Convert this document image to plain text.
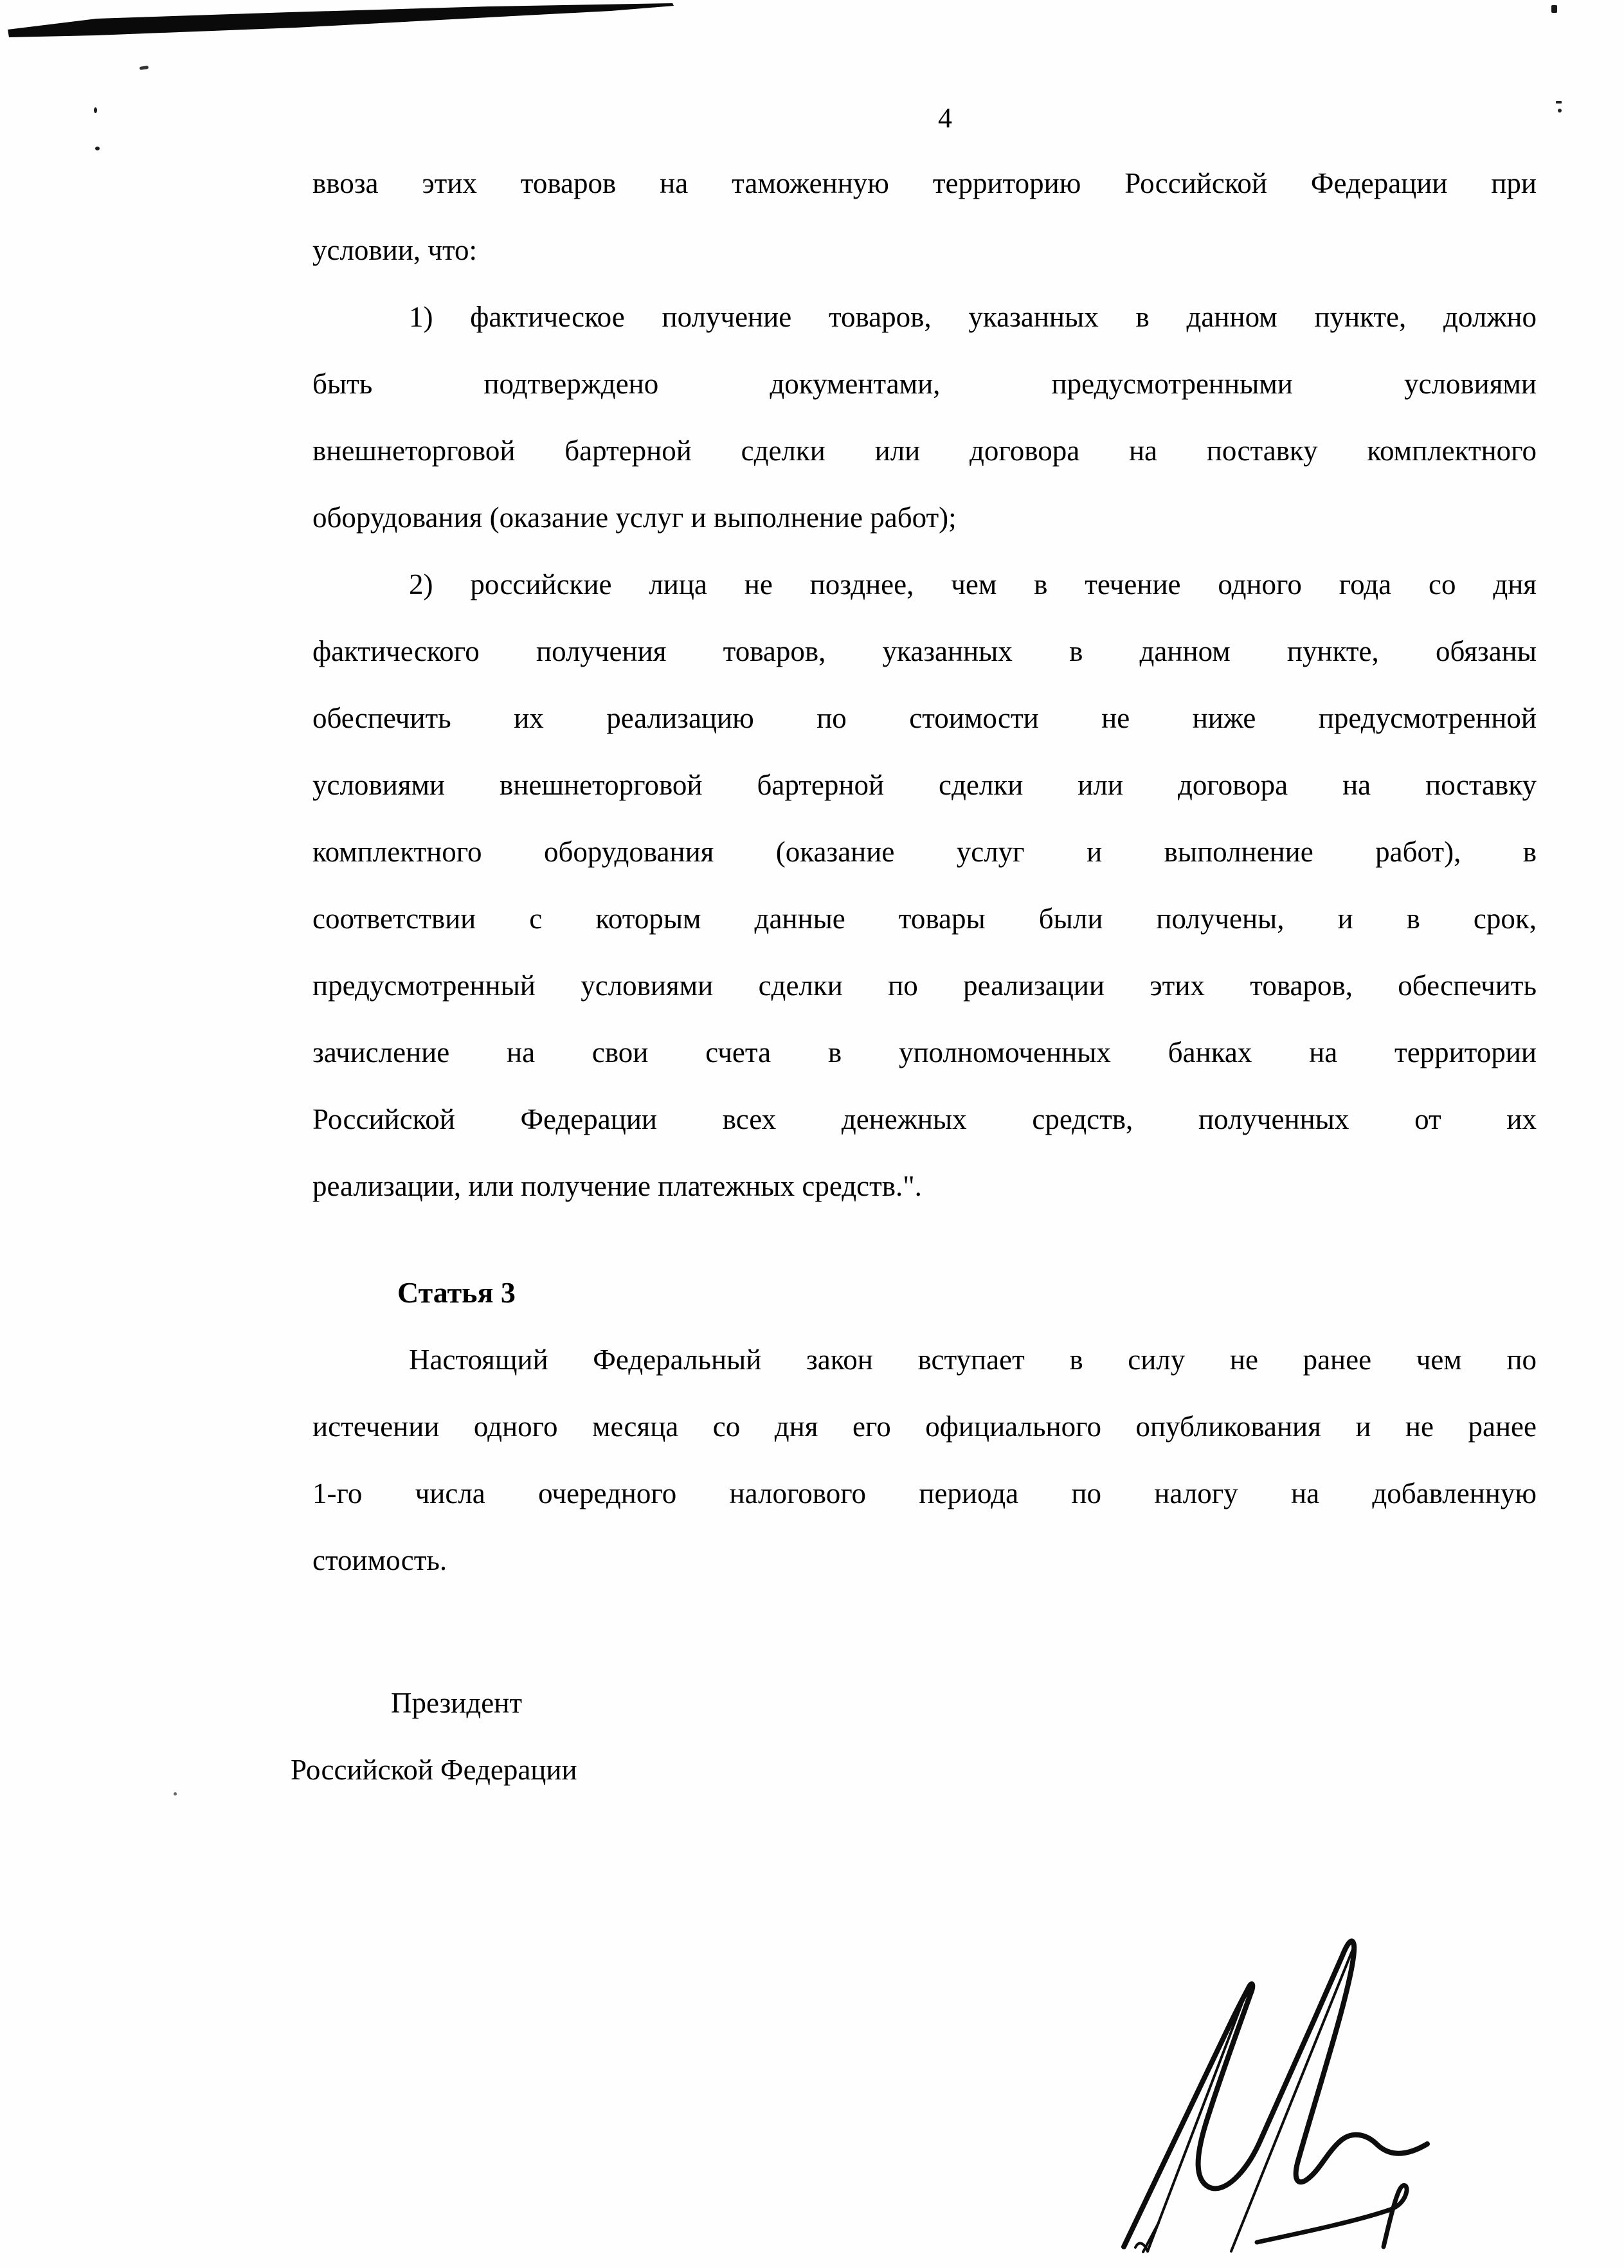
4
ввоза этих товаров на таможенную территорию Российской Федерации при
условии, что:
1) фактическое получение товаров, указанных в данном пункте, должно
быть подтверждено документами, предусмотренными условиями
внешнеторговой бартерной сделки или договора на поставку комплектного
оборудования (оказание услуг и выполнение работ);
2) российские лица не позднее, чем в течение одного года со дня
фактического получения товаров, указанных в данном пункте, обязаны
обеспечить их реализацию по стоимости не ниже предусмотренной
условиями внешнеторговой бартерной сделки или договора на поставку
комплектного оборудования (оказание услуг и выполнение работ), в
соответствии с которым данные товары были получены, и в срок,
предусмотренный условиями сделки по реализации этих товаров, обеспечить
зачисление на свои счета в уполномоченных банках на территории
Российской Федерации всех денежных средств, полученных от их
реализации, или получение платежных средств.".
Статья 3
Настоящий Федеральный закон вступает в силу не ранее чем по
истечении одного месяца со дня его официального опубликования и не ранее
1-го числа очередного налогового периода по налогу на добавленную
стоимость.
Президент
Российской Федерации
